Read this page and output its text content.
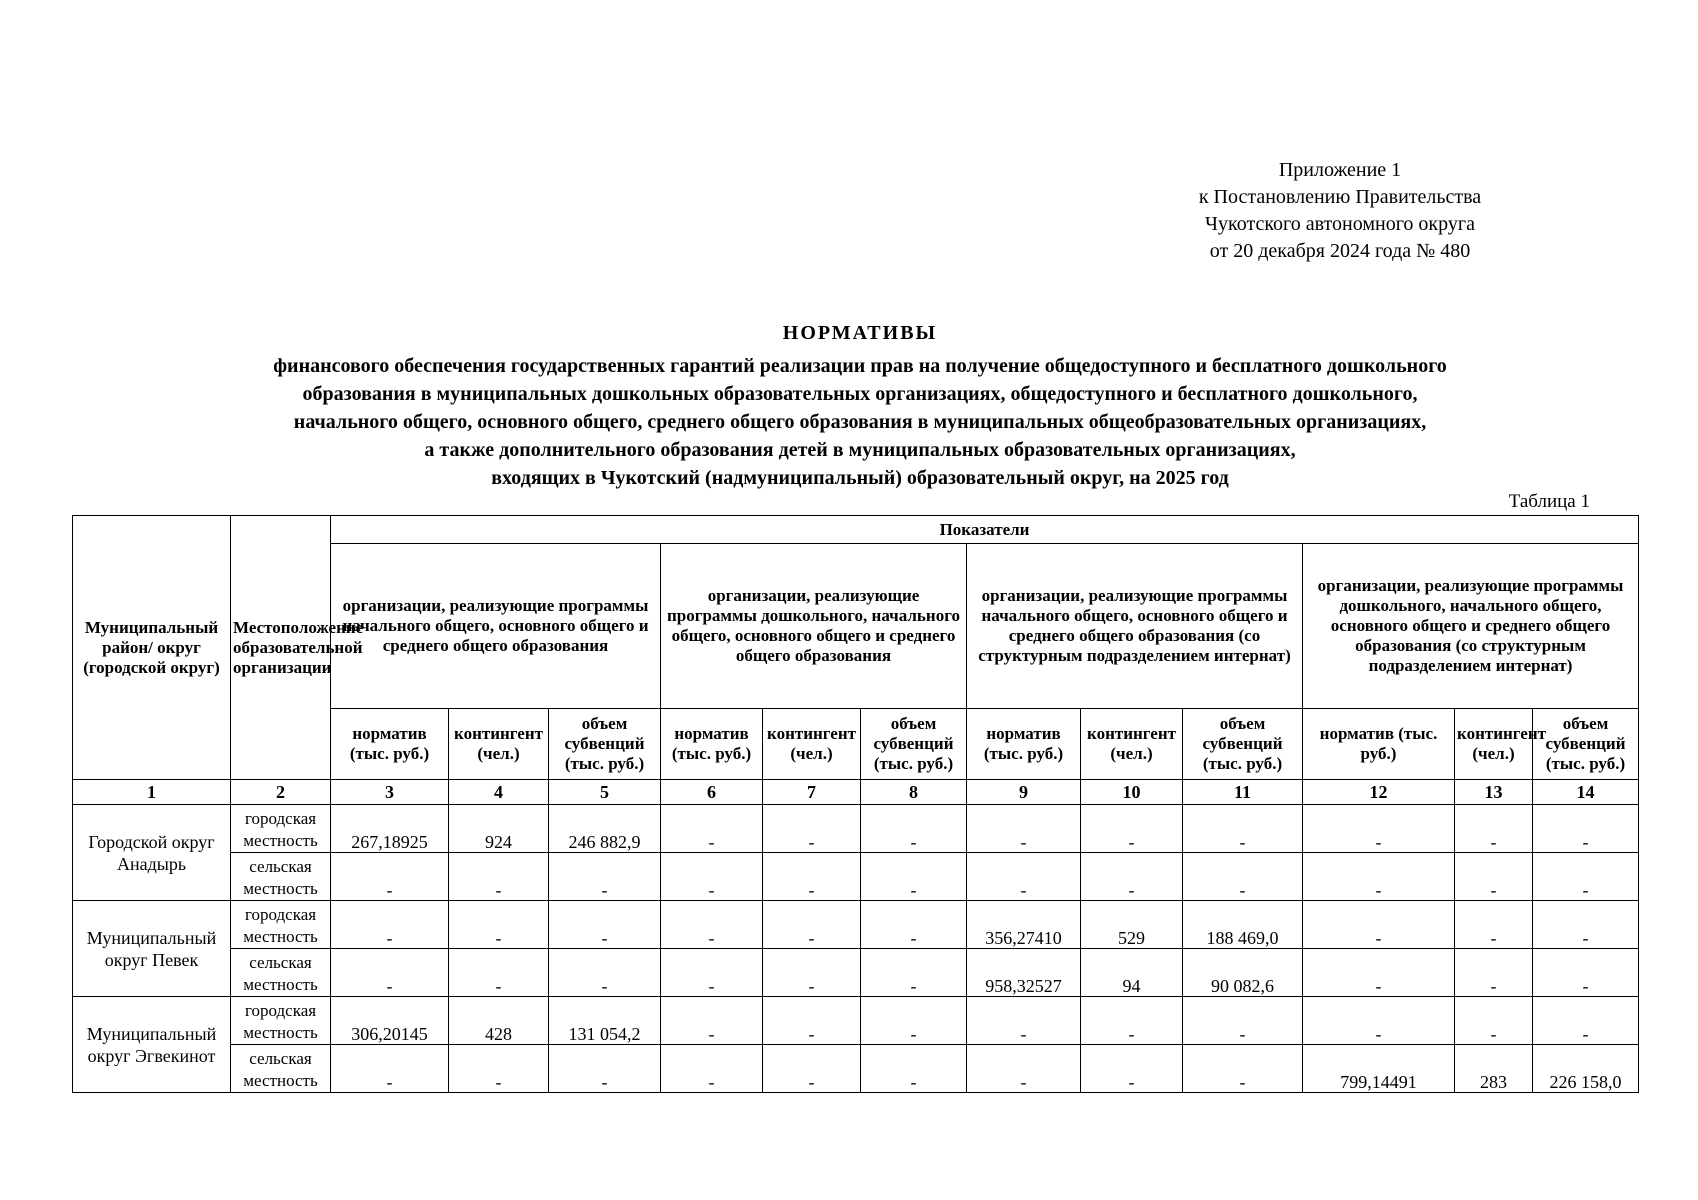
Приложение 1
к Постановлению Правительства
Чукотского автономного округа
от 20 декабря 2024 года № 480
НОРМАТИВЫ
финансового обеспечения государственных гарантий реализации прав на получение общедоступного и бесплатного дошкольного
образования в муниципальных дошкольных образовательных организациях, общедоступного и бесплатного дошкольного,
начального общего, основного общего, среднего общего образования в муниципальных общеобразовательных организациях,
а также дополнительного образования детей в муниципальных образовательных организациях,
входящих в Чукотский (надмуниципальный) образовательный округ, на 2025 год
Таблица 1
Муниципальный район/ округ (городской округ)	Местоположение образовательной организации	Показатели											
		организации, реализующие программы начального общего, основного общего и среднего общего образования			организации, реализующие программы дошкольного, начального общего, основного общего и среднего общего образования			организации, реализующие программы начального общего, основного общего и среднего общего образования (со структурным подразделением интернат)			организации, реализующие программы дошкольного, начального общего, основного общего и среднего общего образования (со структурным подразделением интернат)		
		норматив (тыс. руб.)	контингент (чел.)	объем субвенций (тыс. руб.)	норматив (тыс. руб.)	контингент (чел.)	объем субвенций (тыс. руб.)	норматив (тыс. руб.)	контингент (чел.)	объем субвенций (тыс. руб.)	норматив (тыс. руб.)	контингент (чел.)	объем субвенций (тыс. руб.)
1	2	3	4	5	6	7	8	9	10	11	12	13	14
Городской округ Анадырь	городская местность	267,18925	924	246 882,9	-	-	-	-	-	-	-	-	-
	сельская местность	-	-	-	-	-	-	-	-	-	-	-	-
Муниципальный округ Певек	городская местность	-	-	-	-	-	-	356,27410	529	188 469,0	-	-	-
	сельская местность	-	-	-	-	-	-	958,32527	94	90 082,6	-	-	-
Муниципальный округ Эгвекинот	городская местность	306,20145	428	131 054,2	-	-	-	-	-	-	-	-	-
	сельская местность	-	-	-	-	-	-	-	-	-	799,14491	283	226 158,0
